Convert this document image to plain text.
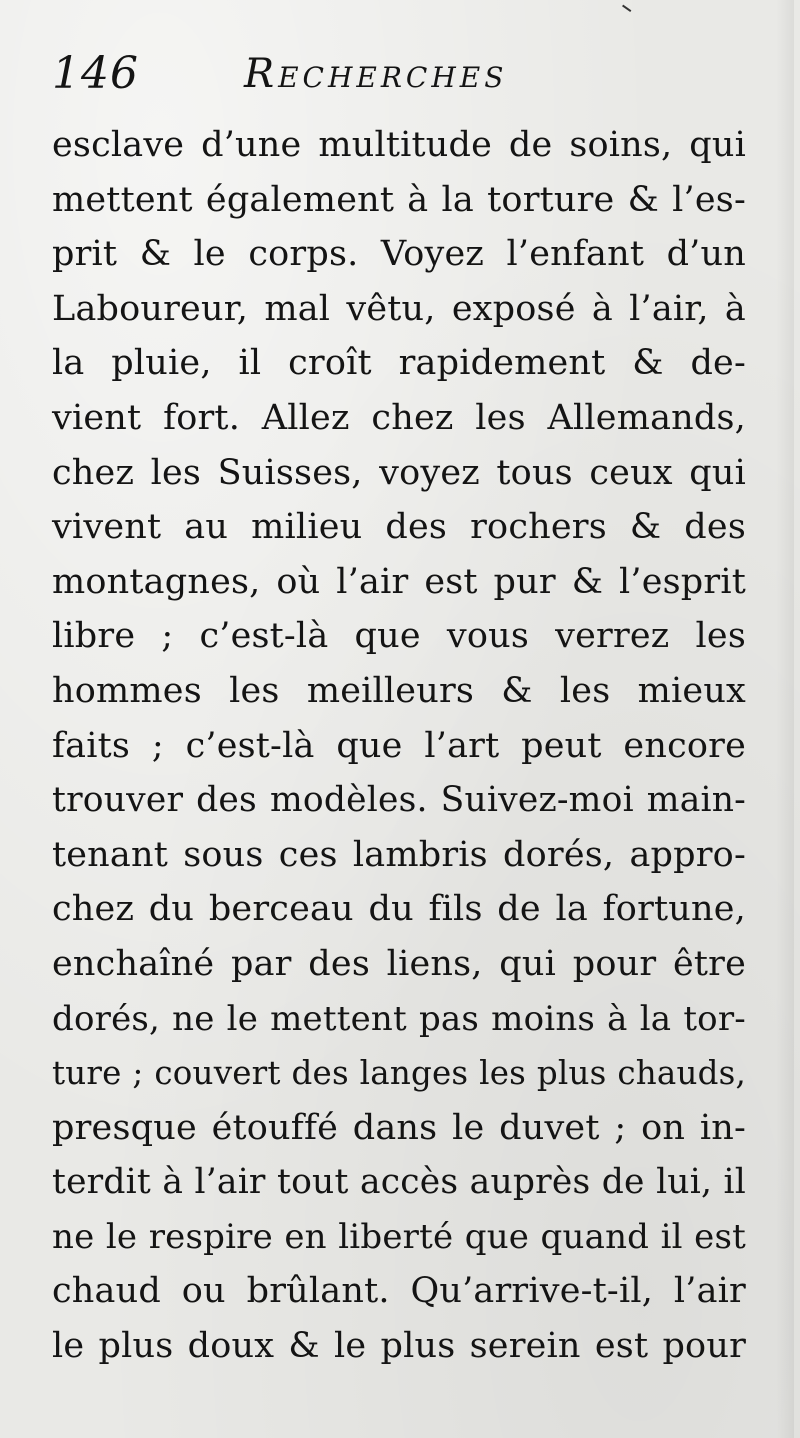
146	Recherches
esclave d’une multitude de soins, qui
mettent également à la torture & l’es-
prit & le corps. Voyez l’enfant d’un
Laboureur, mal vêtu, exposé à l’air, à
la pluie, il croît rapidement & de-
vient fort. Allez chez les Allemands,
chez les Suisses, voyez tous ceux qui
vivent au milieu des rochers & des
montagnes, où l’air est pur & l’esprit
libre ; c’est-là que vous verrez les
hommes les meilleurs & les mieux
faits ; c’est-là que l’art peut encore
trouver des modèles. Suivez-moi main-
tenant sous ces lambris dorés, appro-
chez du berceau du fils de la fortune,
enchaîné par des liens, qui pour être
dorés, ne le mettent pas moins à la tor-
ture ; couvert des langes les plus chauds,
presque étouffé dans le duvet ; on in-
terdit à l’air tout accès auprès de lui, il
ne le respire en liberté que quand il est
chaud ou brûlant. Qu’arrive-t-il, l’air
le plus doux & le plus serein est pour
